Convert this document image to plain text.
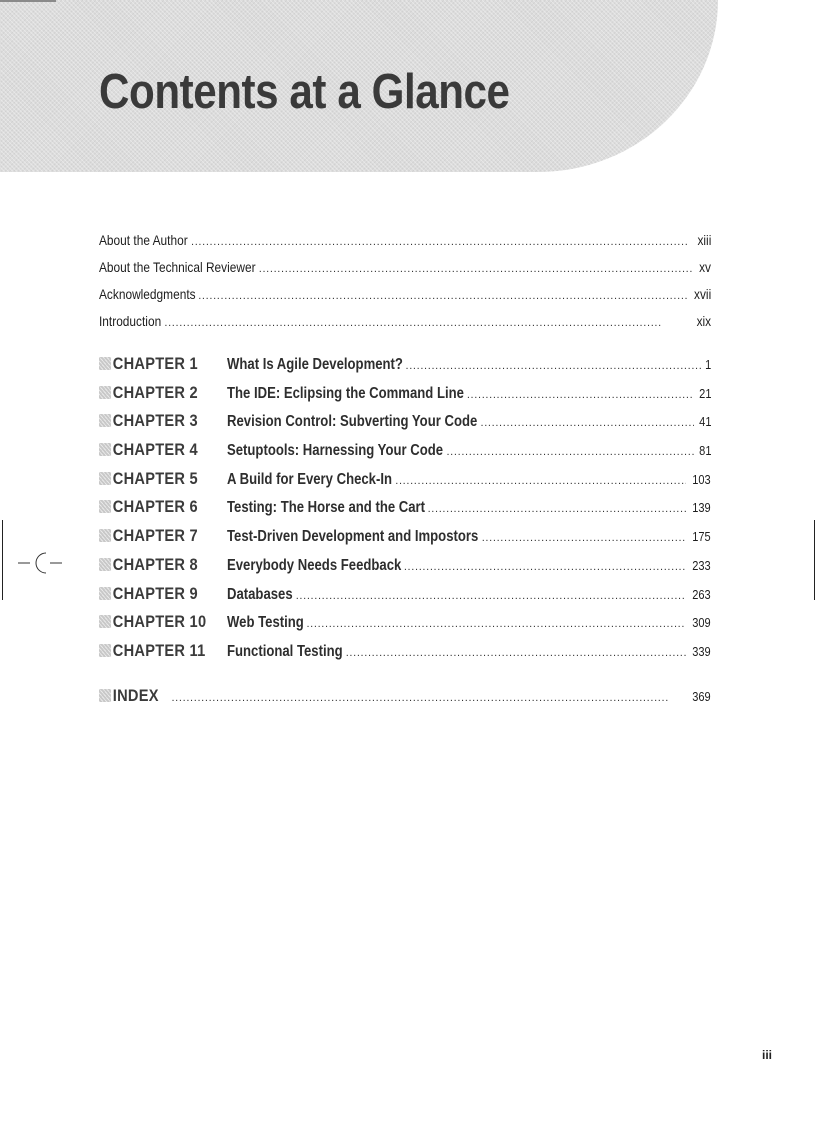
Contents at a Glance
About the Author . . .	xiii
About the Technical Reviewer . . .	xv
Acknowledgments . . .	xvii
Introduction . . .	xix
CHAPTER 1	What Is Agile Development? . . .	1
CHAPTER 2	The IDE: Eclipsing the Command Line . . .	21
CHAPTER 3	Revision Control: Subverting Your Code . . .	41
CHAPTER 4	Setuptools: Harnessing Your Code . . .	81
CHAPTER 5	A Build for Every Check-In . . .	103
CHAPTER 6	Testing: The Horse and the Cart . . .	139
CHAPTER 7	Test-Driven Development and Impostors . . .	175
CHAPTER 8	Everybody Needs Feedback . . .	233
CHAPTER 9	Databases . . .	263
CHAPTER 10	Web Testing . . .	309
CHAPTER 11	Functional Testing . . .	339
INDEX . . .	369
iii
